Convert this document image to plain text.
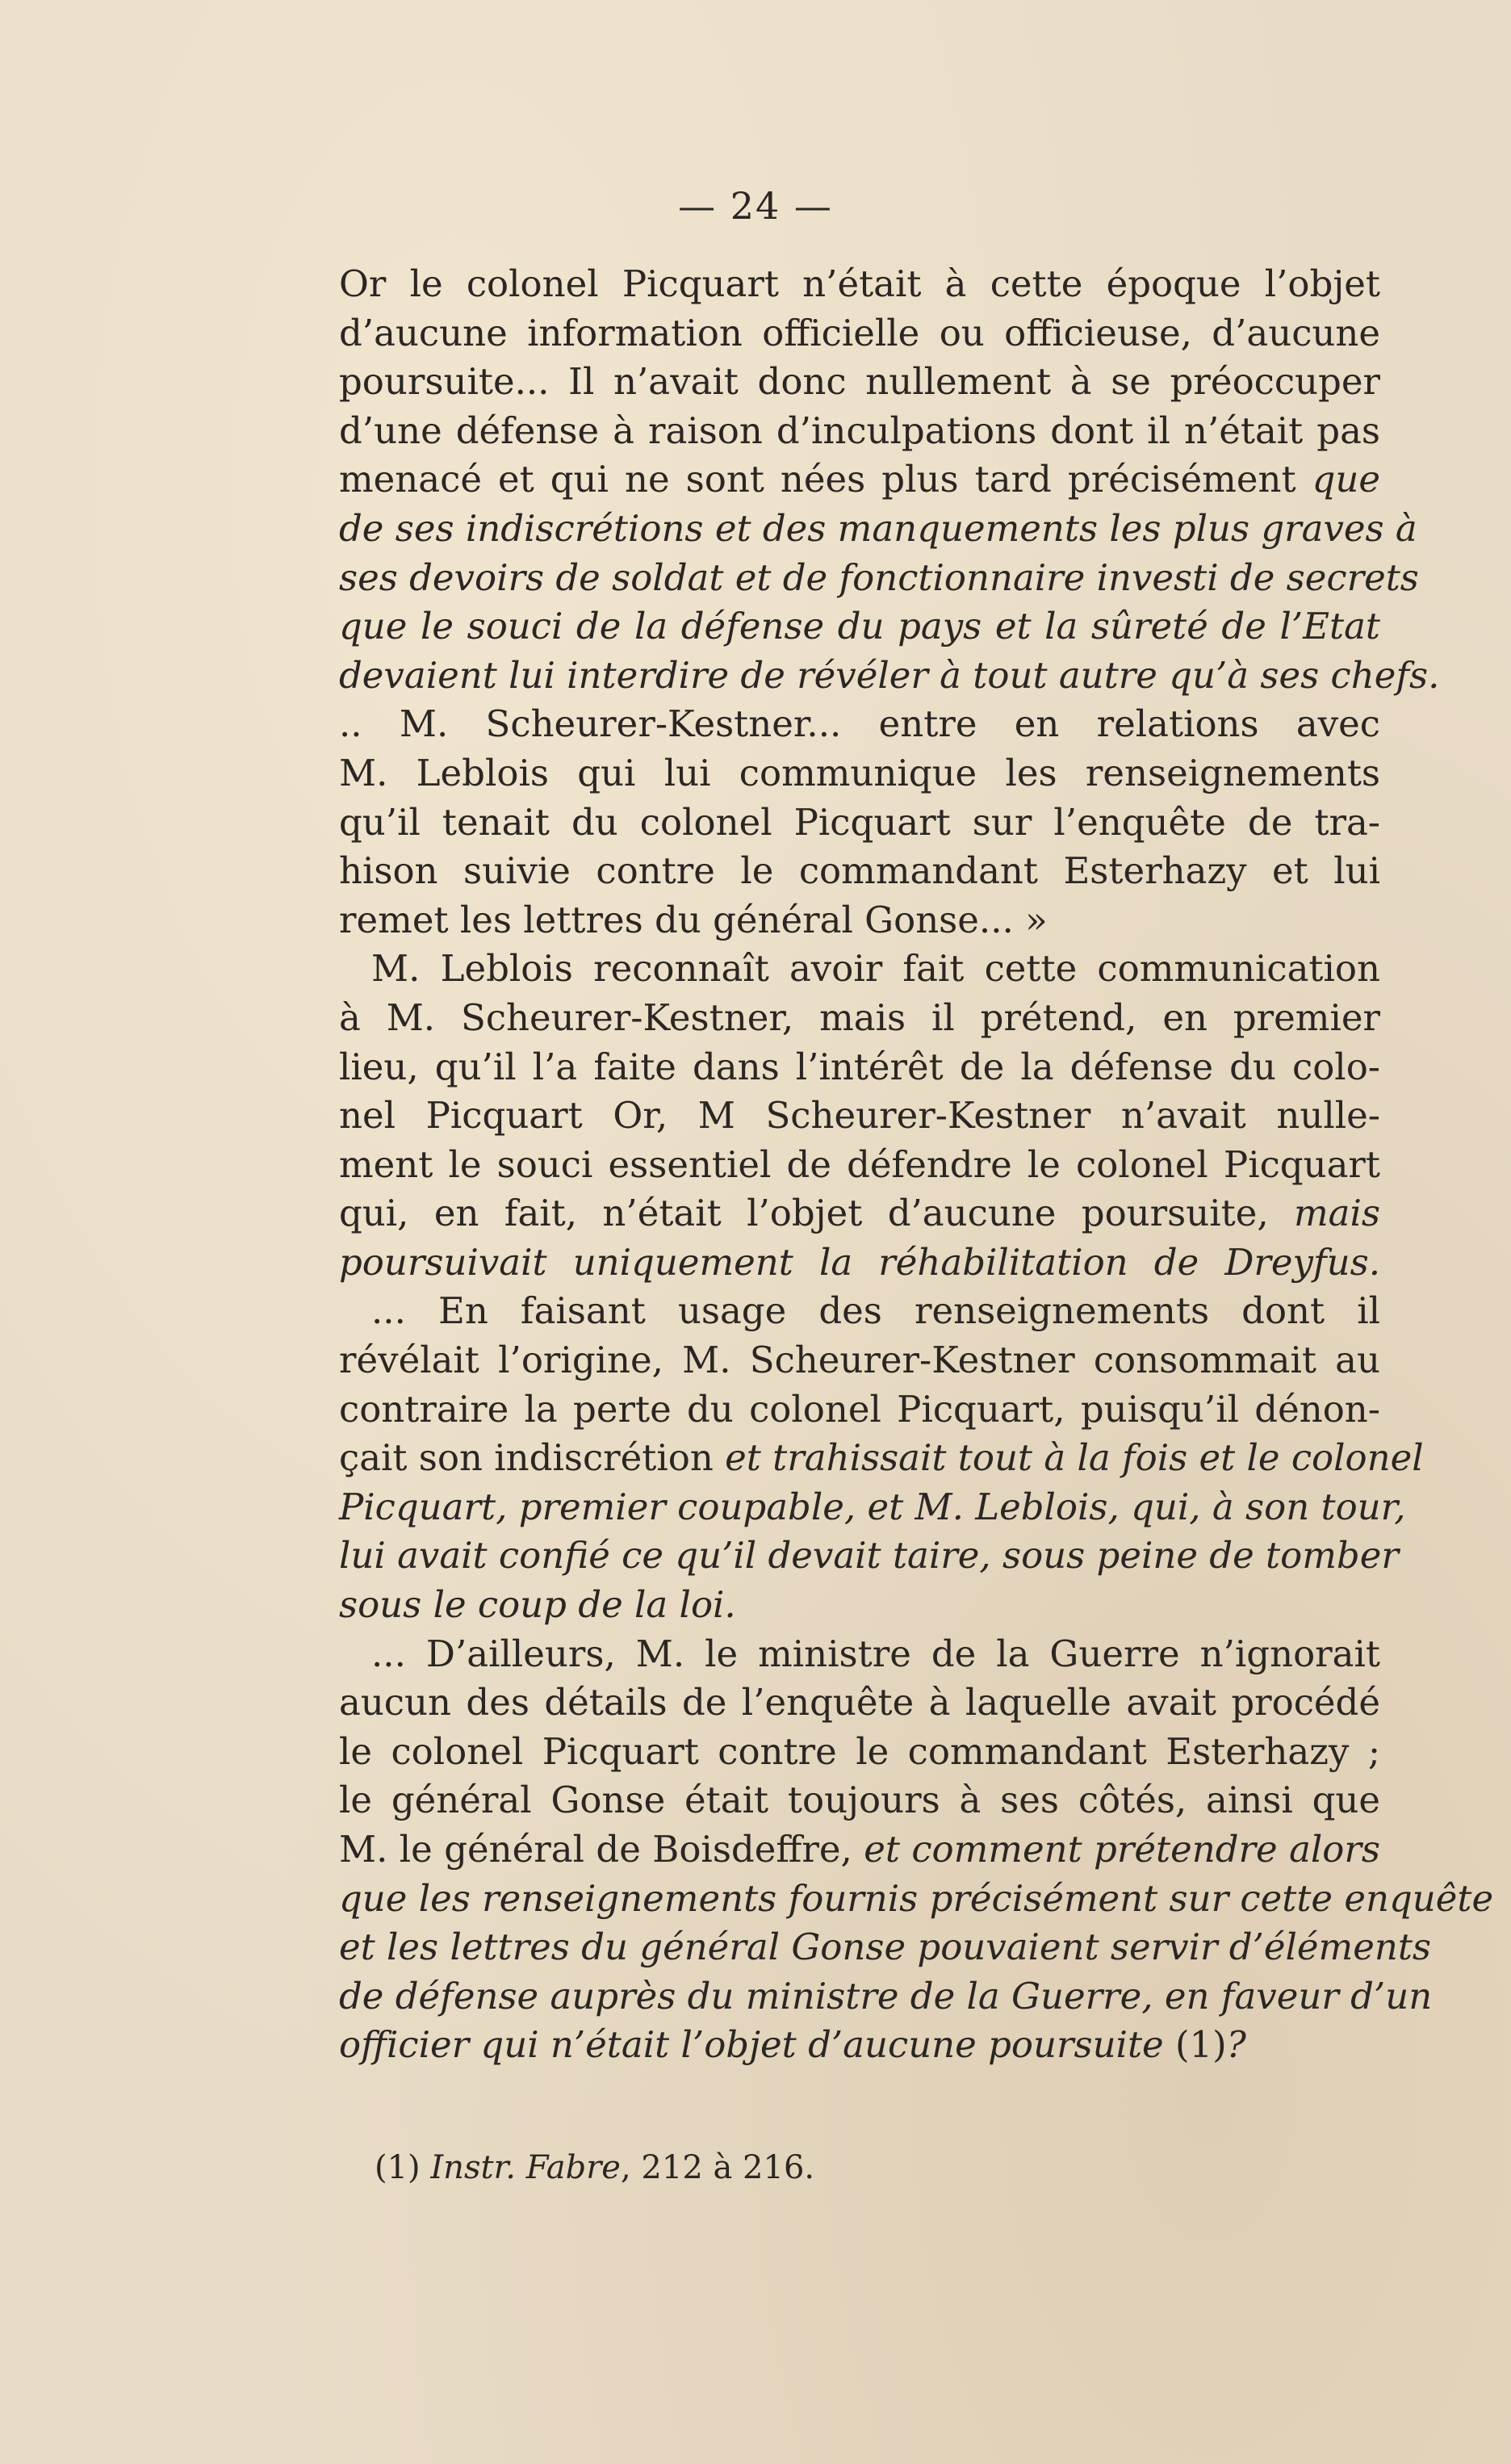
— 24 —
Or le colonel Picquart n’était à cette époque l’objet
d’aucune information officielle ou officieuse, d’aucune
poursuite... Il n’avait donc nullement à se préoccuper
d’une défense à raison d’inculpations dont il n’était pas
menacé et qui ne sont nées plus tard précisément que
de ses indiscrétions et des manquements les plus graves à
ses devoirs de soldat et de fonctionnaire investi de secrets
que le souci de la défense du pays et la sûreté de l’Etat
devaient lui interdire de révéler à tout autre qu’à ses chefs.
.. M. Scheurer-Kestner... entre en relations avec
M. Leblois qui lui communique les renseignements
qu’il tenait du colonel Picquart sur l’enquête de tra-
hison suivie contre le commandant Esterhazy et lui
remet les lettres du général Gonse... »
M. Leblois reconnaît avoir fait cette communication
à M. Scheurer-Kestner, mais il prétend, en premier
lieu, qu’il l’a faite dans l’intérêt de la défense du colo-
nel Picquart Or, M Scheurer-Kestner n’avait nulle-
ment le souci essentiel de défendre le colonel Picquart
qui, en fait, n’était l’objet d’aucune poursuite, mais
poursuivait uniquement la réhabilitation de Dreyfus.
... En faisant usage des renseignements dont il
révélait l’origine, M. Scheurer-Kestner consommait au
contraire la perte du colonel Picquart, puisqu’il dénon-
çait son indiscrétion et trahissait tout à la fois et le colonel
Picquart, premier coupable, et M. Leblois, qui, à son tour,
lui avait confié ce qu’il devait taire, sous peine de tomber
sous le coup de la loi.
... D’ailleurs, M. le ministre de la Guerre n’ignorait
aucun des détails de l’enquête à laquelle avait procédé
le colonel Picquart contre le commandant Esterhazy ;
le général Gonse était toujours à ses côtés, ainsi que
M. le général de Boisdeffre, et comment prétendre alors
que les renseignements fournis précisément sur cette enquête
et les lettres du général Gonse pouvaient servir d’éléments
de défense auprès du ministre de la Guerre, en faveur d’un
officier qui n’était l’objet d’aucune poursuite (1)?
(1) Instr. Fabre, 212 à 216.
